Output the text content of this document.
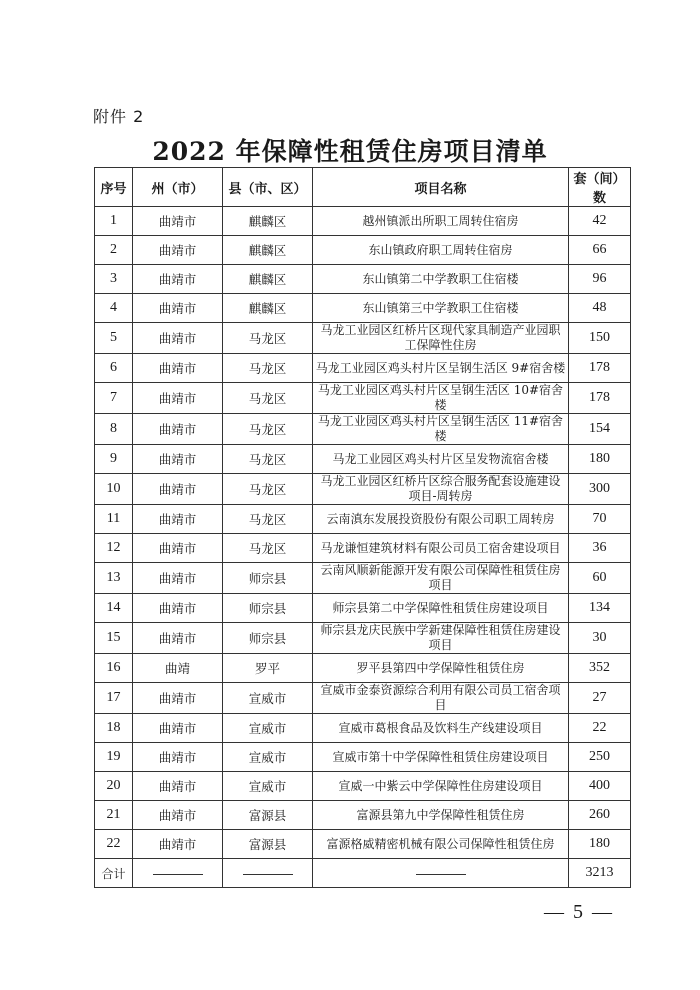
附件 2
2022 年保障性租赁住房项目清单
序号	州（市）	县（市、区）	项目名称	套（间）数
1	曲靖市	麒麟区	越州镇派出所职工周转住宿房	42
2	曲靖市	麒麟区	东山镇政府职工周转住宿房	66
3	曲靖市	麒麟区	东山镇第二中学教职工住宿楼	96
4	曲靖市	麒麟区	东山镇第三中学教职工住宿楼	48
5	曲靖市	马龙区	马龙工业园区红桥片区现代家具制造产业园职工保障性住房	150
6	曲靖市	马龙区	马龙工业园区鸡头村片区呈钢生活区 9#宿舍楼	178
7	曲靖市	马龙区	马龙工业园区鸡头村片区呈钢生活区 10#宿舍楼	178
8	曲靖市	马龙区	马龙工业园区鸡头村片区呈钢生活区 11#宿舍楼	154
9	曲靖市	马龙区	马龙工业园区鸡头村片区呈发物流宿舍楼	180
10	曲靖市	马龙区	马龙工业园区红桥片区综合服务配套设施建设项目-周转房	300
11	曲靖市	马龙区	云南滇东发展投资股份有限公司职工周转房	70
12	曲靖市	马龙区	马龙谦恒建筑材料有限公司员工宿舍建设项目	36
13	曲靖市	师宗县	云南风顺新能源开发有限公司保障性租赁住房项目	60
14	曲靖市	师宗县	师宗县第二中学保障性租赁住房建设项目	134
15	曲靖市	师宗县	师宗县龙庆民族中学新建保障性租赁住房建设项目	30
16	曲靖	罗平	罗平县第四中学保障性租赁住房	352
17	曲靖市	宣威市	宣威市金泰资源综合利用有限公司员工宿舍项目	27
18	曲靖市	宣威市	宣威市葛根食品及饮料生产线建设项目	22
19	曲靖市	宣威市	宣威市第十中学保障性租赁住房建设项目	250
20	曲靖市	宣威市	宣威一中紫云中学保障性住房建设项目	400
21	曲靖市	富源县	富源县第九中学保障性租赁住房	260
22	曲靖市	富源县	富源格威精密机械有限公司保障性租赁住房	180
合计				3213
— 5 —
